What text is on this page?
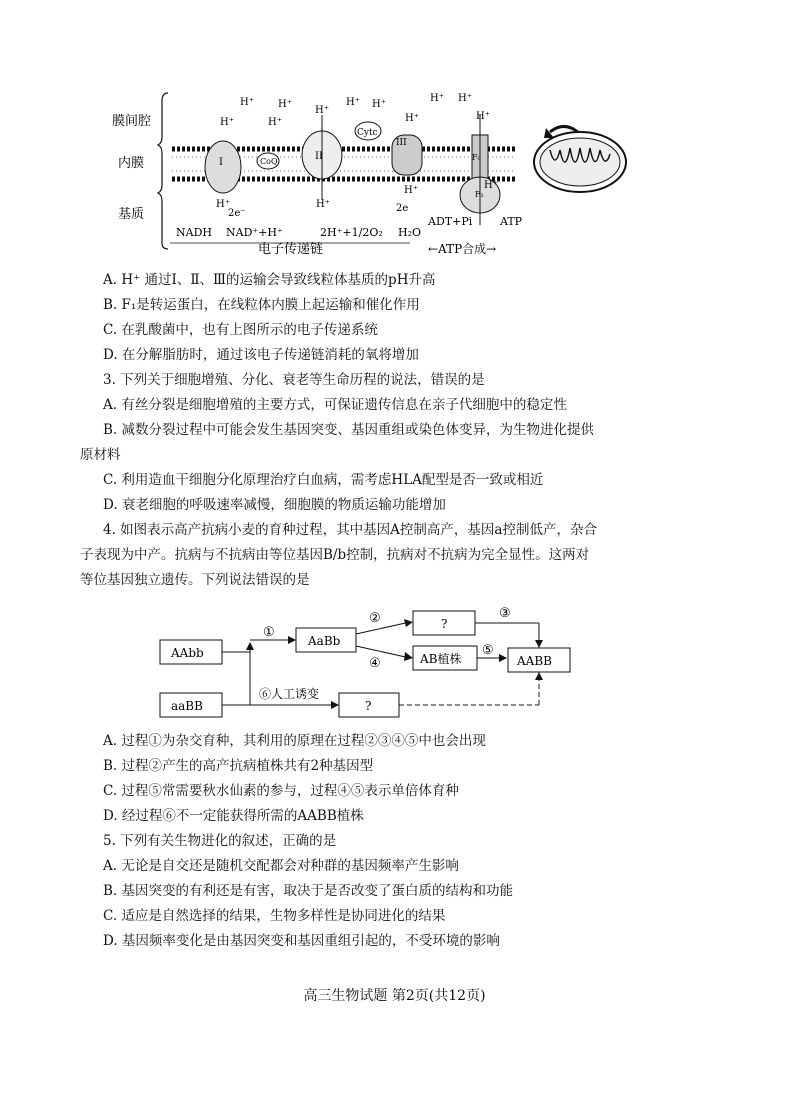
膜间腔
内膜
基质
I	CoQ	II
Cytc
III
F₀
F₁
H⁺ H⁺
H⁺
H⁺
H⁺
H⁺ H⁺
H⁺
H⁺ H⁺
H⁺
H⁺	H⁺
H⁺	H⁺
2e⁻	2e
NADH NAD⁺+H⁺	2H⁺+1/2O₂ H₂O
ADT+Pi	ATP
电子传递链	←ATP合成→
A. H⁺ 通过Ⅰ、Ⅱ、Ⅲ的运输会导致线粒体基质的pH升高
B. F₁是转运蛋白，在线粒体内膜上起运输和催化作用
C. 在乳酸菌中，也有上图所示的电子传递系统
D. 在分解脂肪时，通过该电子传递链消耗的氧将增加
3. 下列关于细胞增殖、分化、衰老等生命历程的说法，错误的是
A. 有丝分裂是细胞增殖的主要方式，可保证遗传信息在亲子代细胞中的稳定性
B. 减数分裂过程中可能会发生基因突变、基因重组或染色体变异，为生物进化提供
原材料
C. 利用造血干细胞分化原理治疗白血病，需考虑HLA配型是否一致或相近
D. 衰老细胞的呼吸速率减慢，细胞膜的物质运输功能增加
4. 如图表示高产抗病小麦的育种过程，其中基因A控制高产，基因a控制低产，杂合
子表现为中产。抗病与不抗病由等位基因B/b控制，抗病对不抗病为完全显性。这两对
等位基因独立遗传。下列说法错误的是
AAbb
aaBB
⑥人工诱变
①
AaBb
②
④
?
AB植株
③
⑤
AABB
?
A. 过程①为杂交育种，其利用的原理在过程②③④⑤中也会出现
B. 过程②产生的高产抗病植株共有2种基因型
C. 过程⑤常需要秋水仙素的参与，过程④⑤表示单倍体育种
D. 经过程⑥不一定能获得所需的AABB植株
5. 下列有关生物进化的叙述，正确的是
A. 无论是自交还是随机交配都会对种群的基因频率产生影响
B. 基因突变的有利还是有害，取决于是否改变了蛋白质的结构和功能
C. 适应是自然选择的结果，生物多样性是协同进化的结果
D. 基因频率变化是由基因突变和基因重组引起的，不受环境的影响
高三生物试题 第2页(共12页)
